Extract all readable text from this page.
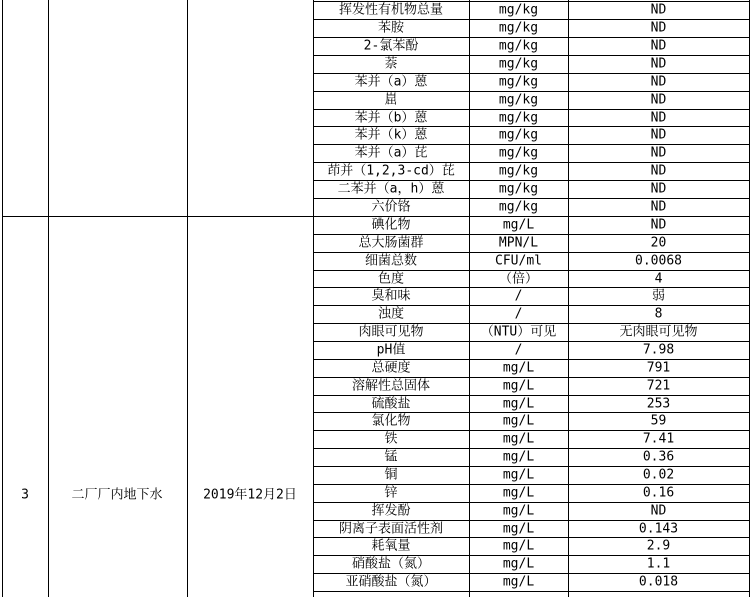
3	二厂厂内地下水	2019年12月2日
挥发性有机物总量	mg/kg	ND
苯胺	mg/kg	ND
2-氯苯酚	mg/kg	ND
萘	mg/kg	ND
苯并（a）蒽	mg/kg	ND
崫	mg/kg	ND
苯并（b）蒽	mg/kg	ND
苯并（k）蒽	mg/kg	ND
苯并（a）芘	mg/kg	ND
茚并（1,2,3-cd）芘	mg/kg	ND
二苯并（a，h）蒽	mg/kg	ND
六价铬	mg/kg	ND
碘化物	mg/L	ND
总大肠菌群	MPN/L	20
细菌总数	CFU/ml	0.0068
色度	（倍）	4
臭和味	/	弱
浊度	/	8
肉眼可见物	（NTU）可见	无肉眼可见物
pH值	/	7.98
总硬度	mg/L	791
溶解性总固体	mg/L	721
硫酸盐	mg/L	253
氯化物	mg/L	59
铁	mg/L	7.41
锰	mg/L	0.36
铜	mg/L	0.02
锌	mg/L	0.16
挥发酚	mg/L	ND
阴离子表面活性剂	mg/L	0.143
耗氧量	mg/L	2.9
硝酸盐（氮）	mg/L	1.1
亚硝酸盐（氮）	mg/L	0.018
